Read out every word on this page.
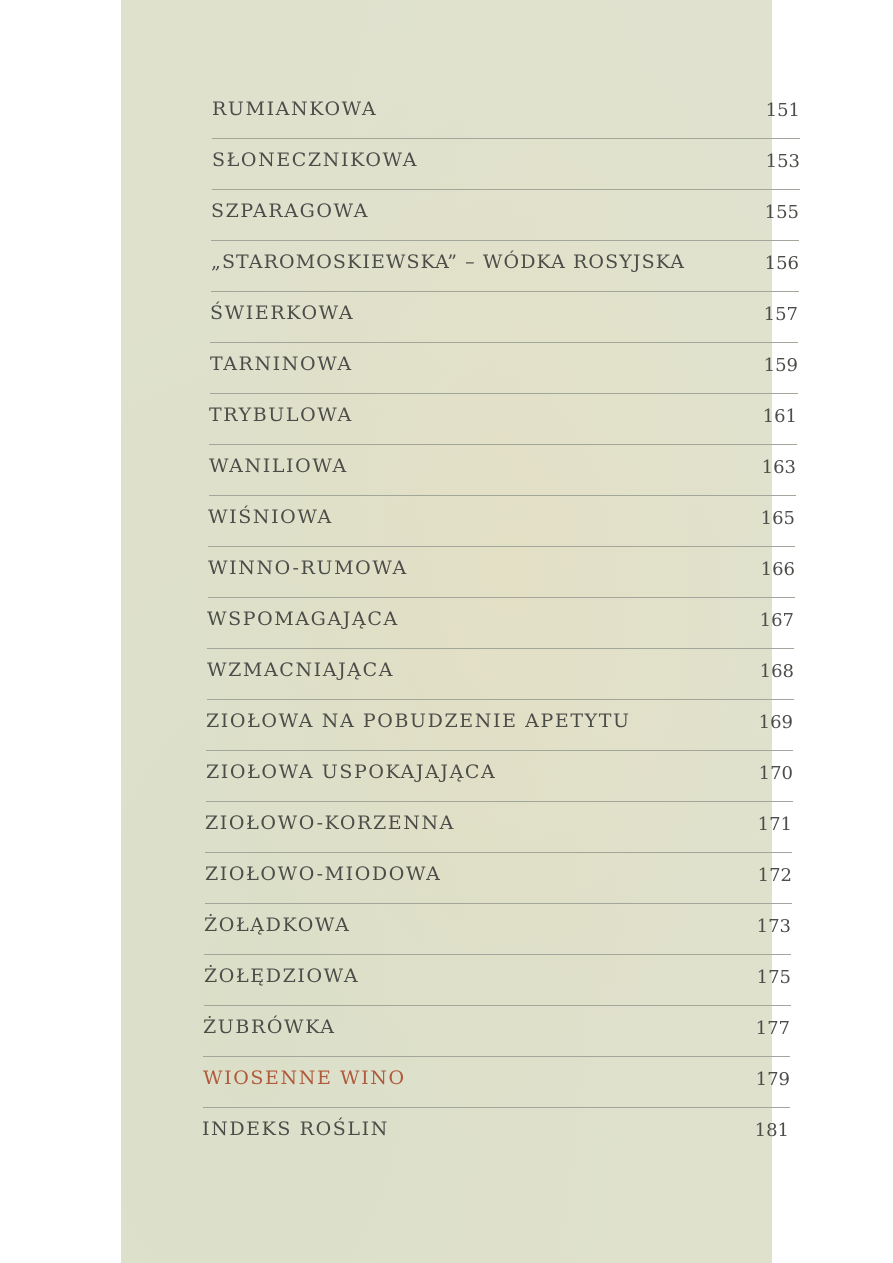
RUMIANKOWA	151
SŁONECZNIKOWA	153
SZPARAGOWA	155
„STAROMOSKIEWSKA” – WÓDKA ROSYJSKA	156
ŚWIERKOWA	157
TARNINOWA	159
TRYBULOWA	161
WANILIOWA	163
WIŚNIOWA	165
WINNO-RUMOWA	166
WSPOMAGAJĄCA	167
WZMACNIAJĄCA	168
ZIOŁOWA NA POBUDZENIE APETYTU	169
ZIOŁOWA USPOKAJAJĄCA	170
ZIOŁOWO-KORZENNA	171
ZIOŁOWO-MIODOWA	172
ŻOŁĄDKOWA	173
ŻOŁĘDZIOWA	175
ŻUBRÓWKA	177
WIOSENNE WINO	179
INDEKS ROŚLIN	181
